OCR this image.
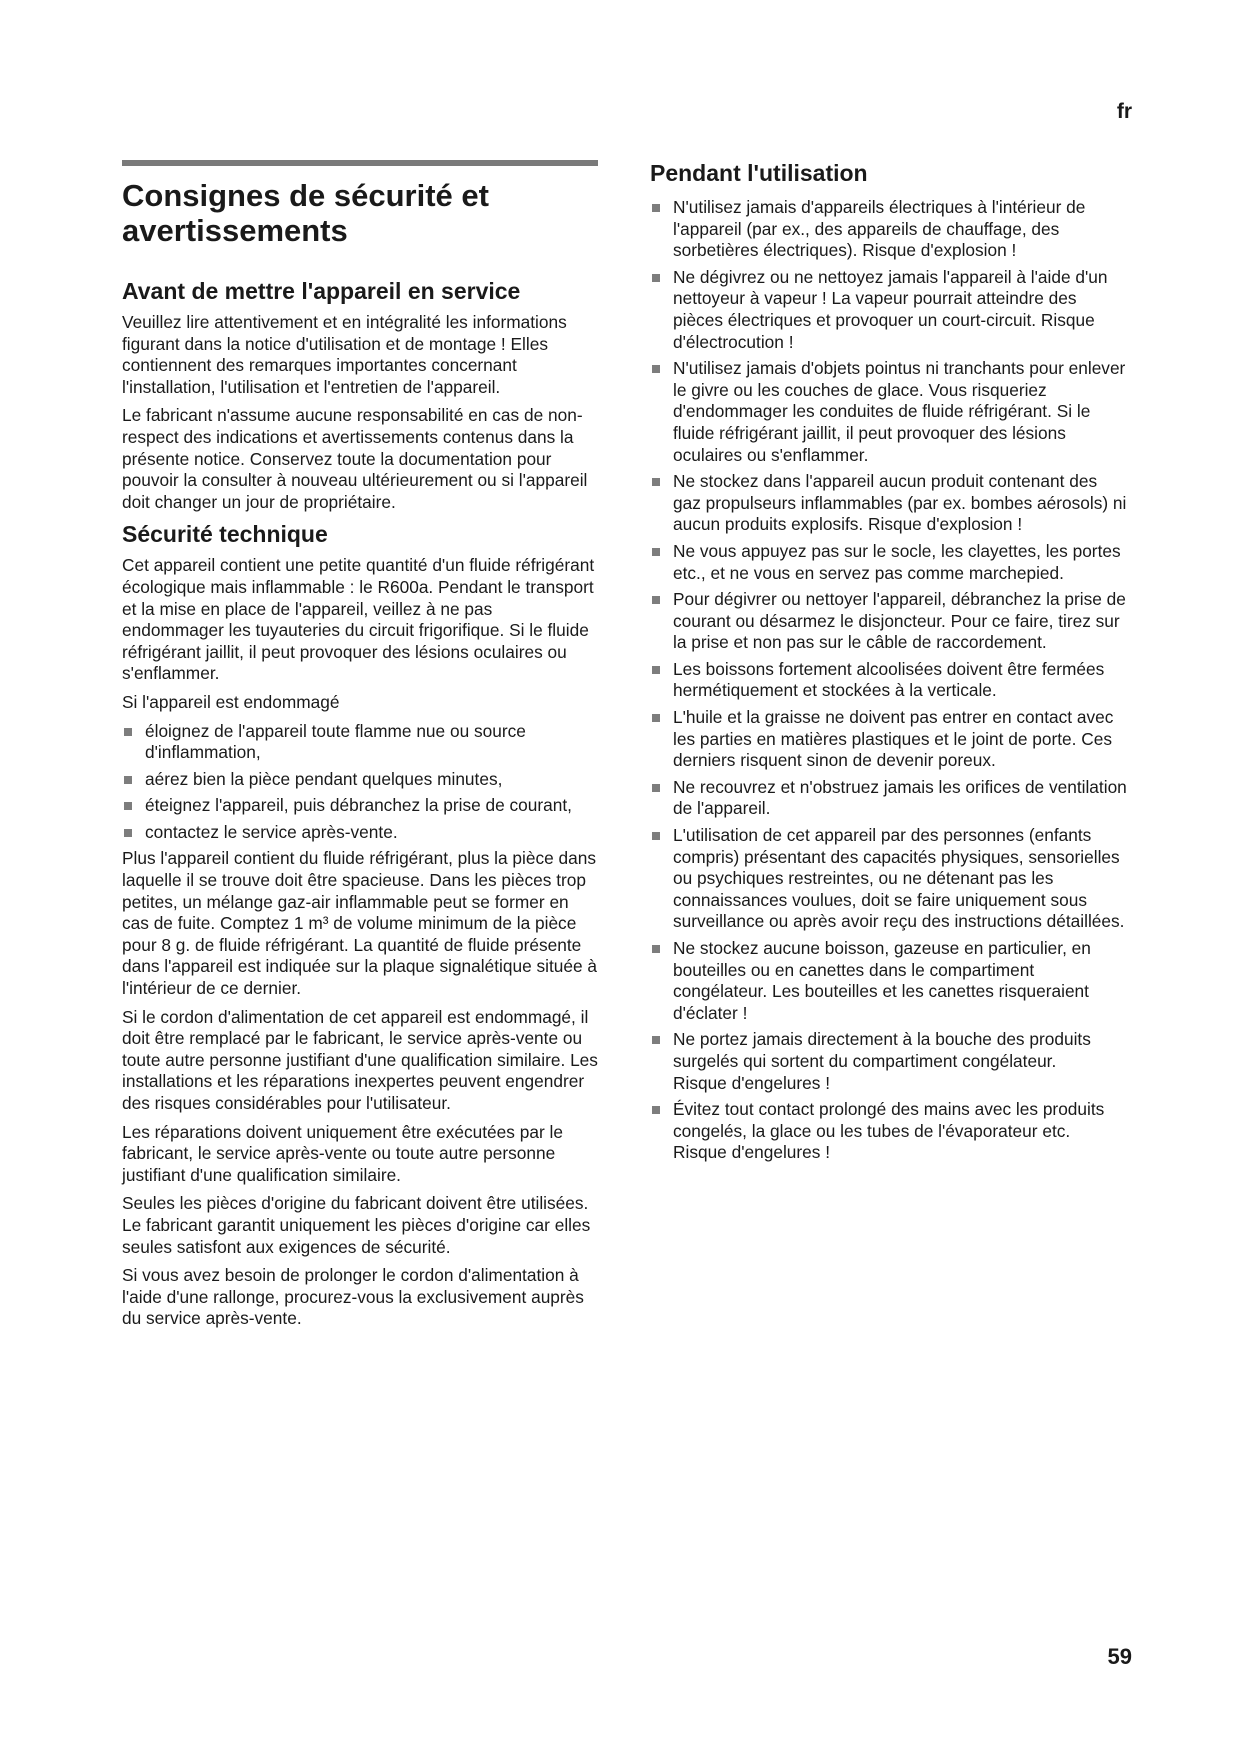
fr
Consignes de sécurité et avertissements
Avant de mettre l'appareil en service

Veuillez lire attentivement et en intégralité les informations figurant dans la notice d'utilisation et de montage ! Elles contiennent des remarques importantes concernant l'installation, l'utilisation et l'entretien de l'appareil.

Le fabricant n'assume aucune responsabilité en cas de non-respect des indications et avertissements contenus dans la présente notice. Conservez toute la documentation pour pouvoir la consulter à nouveau ultérieurement ou si l'appareil doit changer un jour de propriétaire.

Sécurité technique

Cet appareil contient une petite quantité d'un fluide réfrigérant écologique mais inflammable : le R600a. Pendant le transport et la mise en place de l'appareil, veillez à ne pas endommager les tuyauteries du circuit frigorifique. Si le fluide réfrigérant jaillit, il peut provoquer des lésions oculaires ou s'enflammer.

Si l'appareil est endommagé

éloignez de l'appareil toute flamme nue ou source d'inflammation,
aérez bien la pièce pendant quelques minutes,
éteignez l'appareil, puis débranchez la prise de courant,
contactez le service après-vente.

Plus l'appareil contient du fluide réfrigérant, plus la pièce dans laquelle il se trouve doit être spacieuse. Dans les pièces trop petites, un mélange gaz-air inflammable peut se former en cas de fuite. Comptez 1 m³ de volume minimum de la pièce pour 8 g. de fluide réfrigérant. La quantité de fluide présente dans l'appareil est indiquée sur la plaque signalétique située à l'intérieur de ce dernier.

Si le cordon d'alimentation de cet appareil est endommagé, il doit être remplacé par le fabricant, le service après-vente ou toute autre personne justifiant d'une qualification similaire. Les installations et les réparations inexpertes peuvent engendrer des risques considérables pour l'utilisateur.

Les réparations doivent uniquement être exécutées par le fabricant, le service après-vente ou toute autre personne justifiant d'une qualification similaire.

Seules les pièces d'origine du fabricant doivent être utilisées. Le fabricant garantit uniquement les pièces d'origine car elles seules satisfont aux exigences de sécurité.

Si vous avez besoin de prolonger le cordon d'alimentation à l'aide d'une rallonge, procurez-vous la exclusivement auprès du service après-vente.

Pendant l'utilisation
N'utilisez jamais d'appareils électriques à l'intérieur de l'appareil (par ex., des appareils de chauffage, des sorbetières électriques). Risque d'explosion !
Ne dégivrez ou ne nettoyez jamais l'appareil à l'aide d'un nettoyeur à vapeur ! La vapeur pourrait atteindre des pièces électriques et provoquer un court-circuit. Risque d'électrocution !
N'utilisez jamais d'objets pointus ni tranchants pour enlever le givre ou les couches de glace. Vous risqueriez d'endommager les conduites de fluide réfrigérant. Si le fluide réfrigérant jaillit, il peut provoquer des lésions oculaires ou s'enflammer.
Ne stockez dans l'appareil aucun produit contenant des gaz propulseurs inflammables (par ex. bombes aérosols) ni aucun produits explosifs. Risque d'explosion !
Ne vous appuyez pas sur le socle, les clayettes, les portes etc., et ne vous en servez pas comme marchepied.
Pour dégivrer ou nettoyer l'appareil, débranchez la prise de courant ou désarmez le disjoncteur. Pour ce faire, tirez sur la prise et non pas sur le câble de raccordement.
Les boissons fortement alcoolisées doivent être fermées hermétiquement et stockées à la verticale.
L'huile et la graisse ne doivent pas entrer en contact avec les parties en matières plastiques et le joint de porte. Ces derniers risquent sinon de devenir poreux.
Ne recouvrez et n'obstruez jamais les orifices de ventilation de l'appareil.
L'utilisation de cet appareil par des personnes (enfants compris) présentant des capacités physiques, sensorielles ou psychiques restreintes, ou ne détenant pas les connaissances voulues, doit se faire uniquement sous surveillance ou après avoir reçu des instructions détaillées.
Ne stockez aucune boisson, gazeuse en particulier, en bouteilles ou en canettes dans le compartiment congélateur. Les bouteilles et les canettes risqueraient d'éclater !
Ne portez jamais directement à la bouche des produits surgelés qui sortent du compartiment congélateur.
Risque d'engelures !
Évitez tout contact prolongé des mains avec les produits congelés, la glace ou les tubes de l'évaporateur etc.
Risque d'engelures !
59
